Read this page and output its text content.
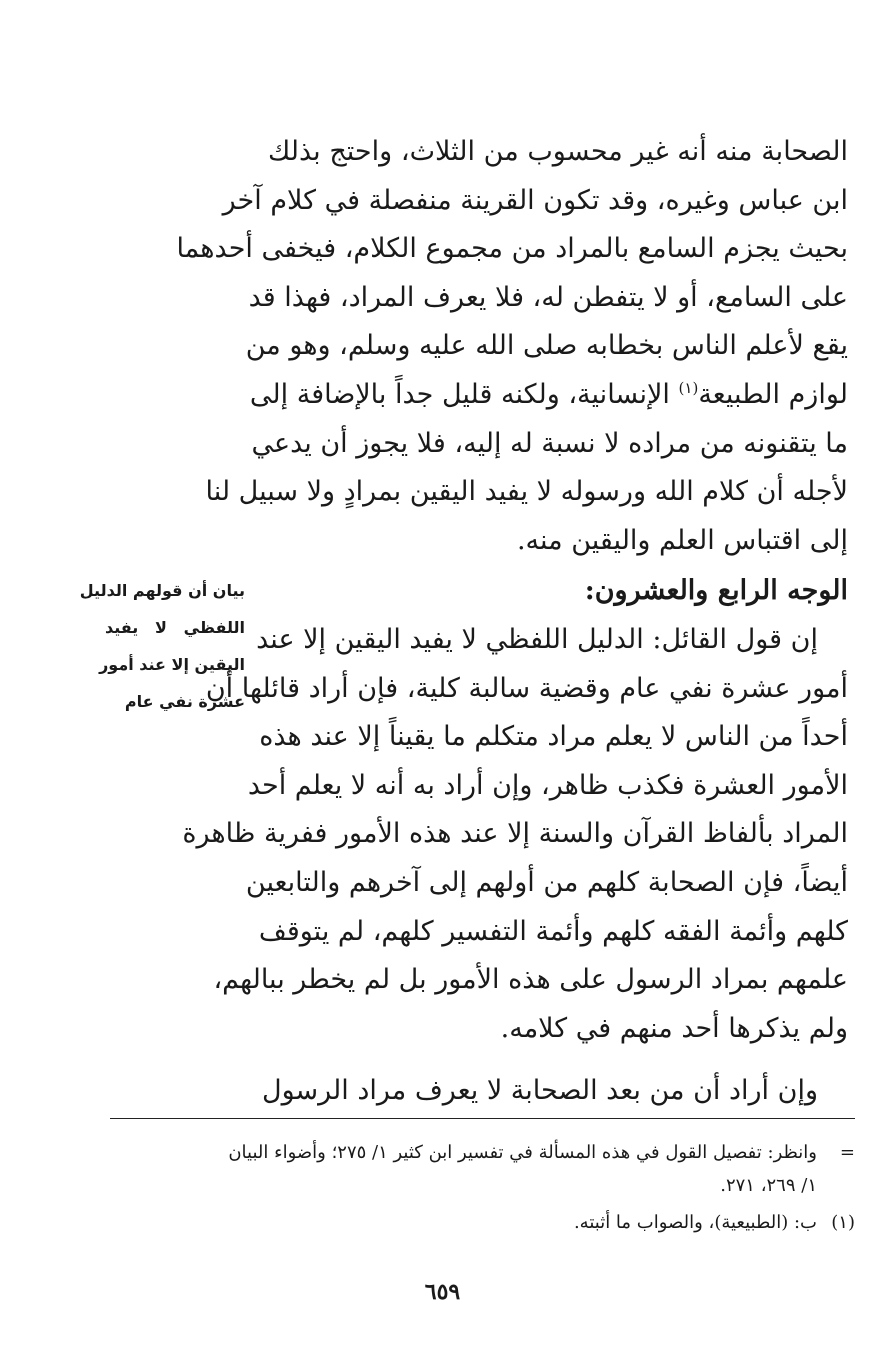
الصحابة منه أنه غير محسوب من الثلاث، واحتج بذلك
ابن عباس وغيره، وقد تكون القرينة منفصلة في كلام آخر
بحيث يجزم السامع بالمراد من مجموع الكلام، فيخفى أحدهما
على السامع، أو لا يتفطن له، فلا يعرف المراد، فهذا قد
يقع لأعلم الناس بخطابه صلى الله عليه وسلم، وهو من
لوازم الطبيعة$^{(١)}$ الإنسانية، ولكنه قليل جداً بالإضافة إلى
ما يتقنونه من مراده لا نسبة له إليه، فلا يجوز أن يدعي
لأجله أن كلام الله ورسوله لا يفيد اليقين بمرادٍ ولا سبيل لنا
إلى اقتباس العلم واليقين منه.
الوجه الرابع والعشرون:
إن قول القائل: الدليل اللفظي لا يفيد اليقين إلا عند
أمور عشرة نفي عام وقضية سالبة كلية، فإن أراد قائلها أن
أحداً من الناس لا يعلم مراد متكلم ما يقيناً إلا عند هذه
الأمور العشرة فكذب ظاهر، وإن أراد به أنه لا يعلم أحد
المراد بألفاظ القرآن والسنة إلا عند هذه الأمور ففرية ظاهرة
أيضاً، فإن الصحابة كلهم من أولهم إلى آخرهم والتابعين
كلهم وأئمة الفقه كلهم وأئمة التفسير كلهم، لم يتوقف
علمهم بمراد الرسول على هذه الأمور بل لم يخطر ببالهم،
ولم يذكرها أحد منهم في كلامه.
وإن أراد أن من بعد الصحابة لا يعرف مراد الرسول
بيان أن قولهم الدليل
اللفظي لا يفيد
اليقين إلا عند أمور
عشرة نفي عام
=وانظر: تفصيل القول في هذه المسألة في تفسير ابن كثير ١/ ٢٧٥؛ وأضواء البيان
١/ ٢٦٩، ٢٧١.
(١)ب: (الطبيعية)، والصواب ما أثبته.
٦٥٩
